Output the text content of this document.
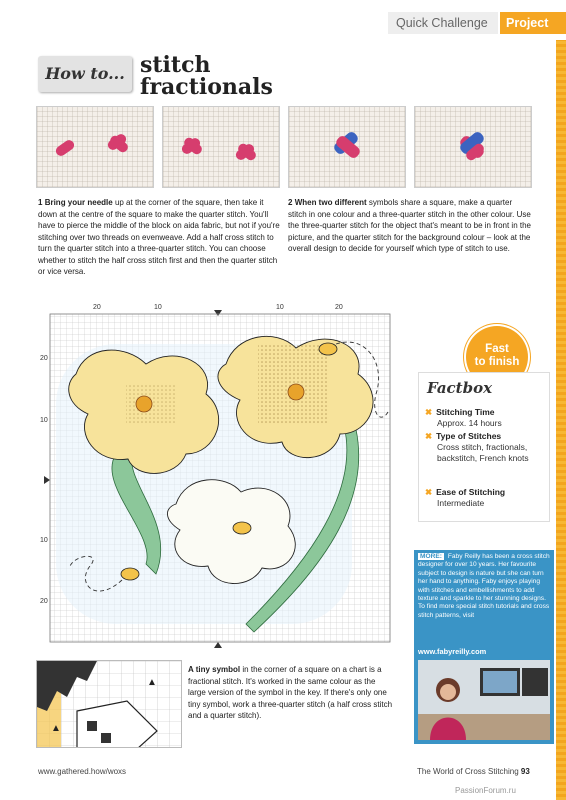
Quick Challenge	Project
How to... stitch
fractionals
1 Bring your needle up at the corner of the square, then take it down at the centre of the square to make the quarter stitch. You'll have to pierce the middle of the block on aida fabric, but not if you're stitching over two threads on evenweave. Add a half cross stitch to turn the quarter stitch into a three-quarter stitch. You can choose whether to stitch the half cross stitch first and then the quarter stitch or vice versa.
2 When two different symbols share a square, make a quarter stitch in one colour and a three-quarter stitch in the other colour. Use the three-quarter stitch for the object that's meant to be in front in the picture, and the quarter stitch for the background colour – look at the overall design to decide for yourself which type of stitch to use.
20	10	10	20
20
10
10
20
Fast
to finish
Factbox
✖ Stitching Time
Approx. 14 hours
✖ Type of Stitches
Cross stitch, fractionals, backstitch, French knots
✖ Ease of Stitching
Intermediate
MORE: Faby Reilly has been a cross stitch designer for over 10 years. Her favourite subject to design is nature but she can turn her hand to anything. Faby enjoys playing with stitches and embellishments to add texture and sparkle to her stunning designs. To find more special stitch tutorials and cross stitch patterns, visit
www.fabyreilly.com
▲
▲
A tiny symbol in the corner of a square on a chart is a fractional stitch. It's worked in the same colour as the large version of the symbol in the key. If there's only one tiny symbol, work a three-quarter stitch (a half cross stitch and a quarter stitch).
www.gathered.how/woxs	The World of Cross Stitching 93
PassionForum.ru
